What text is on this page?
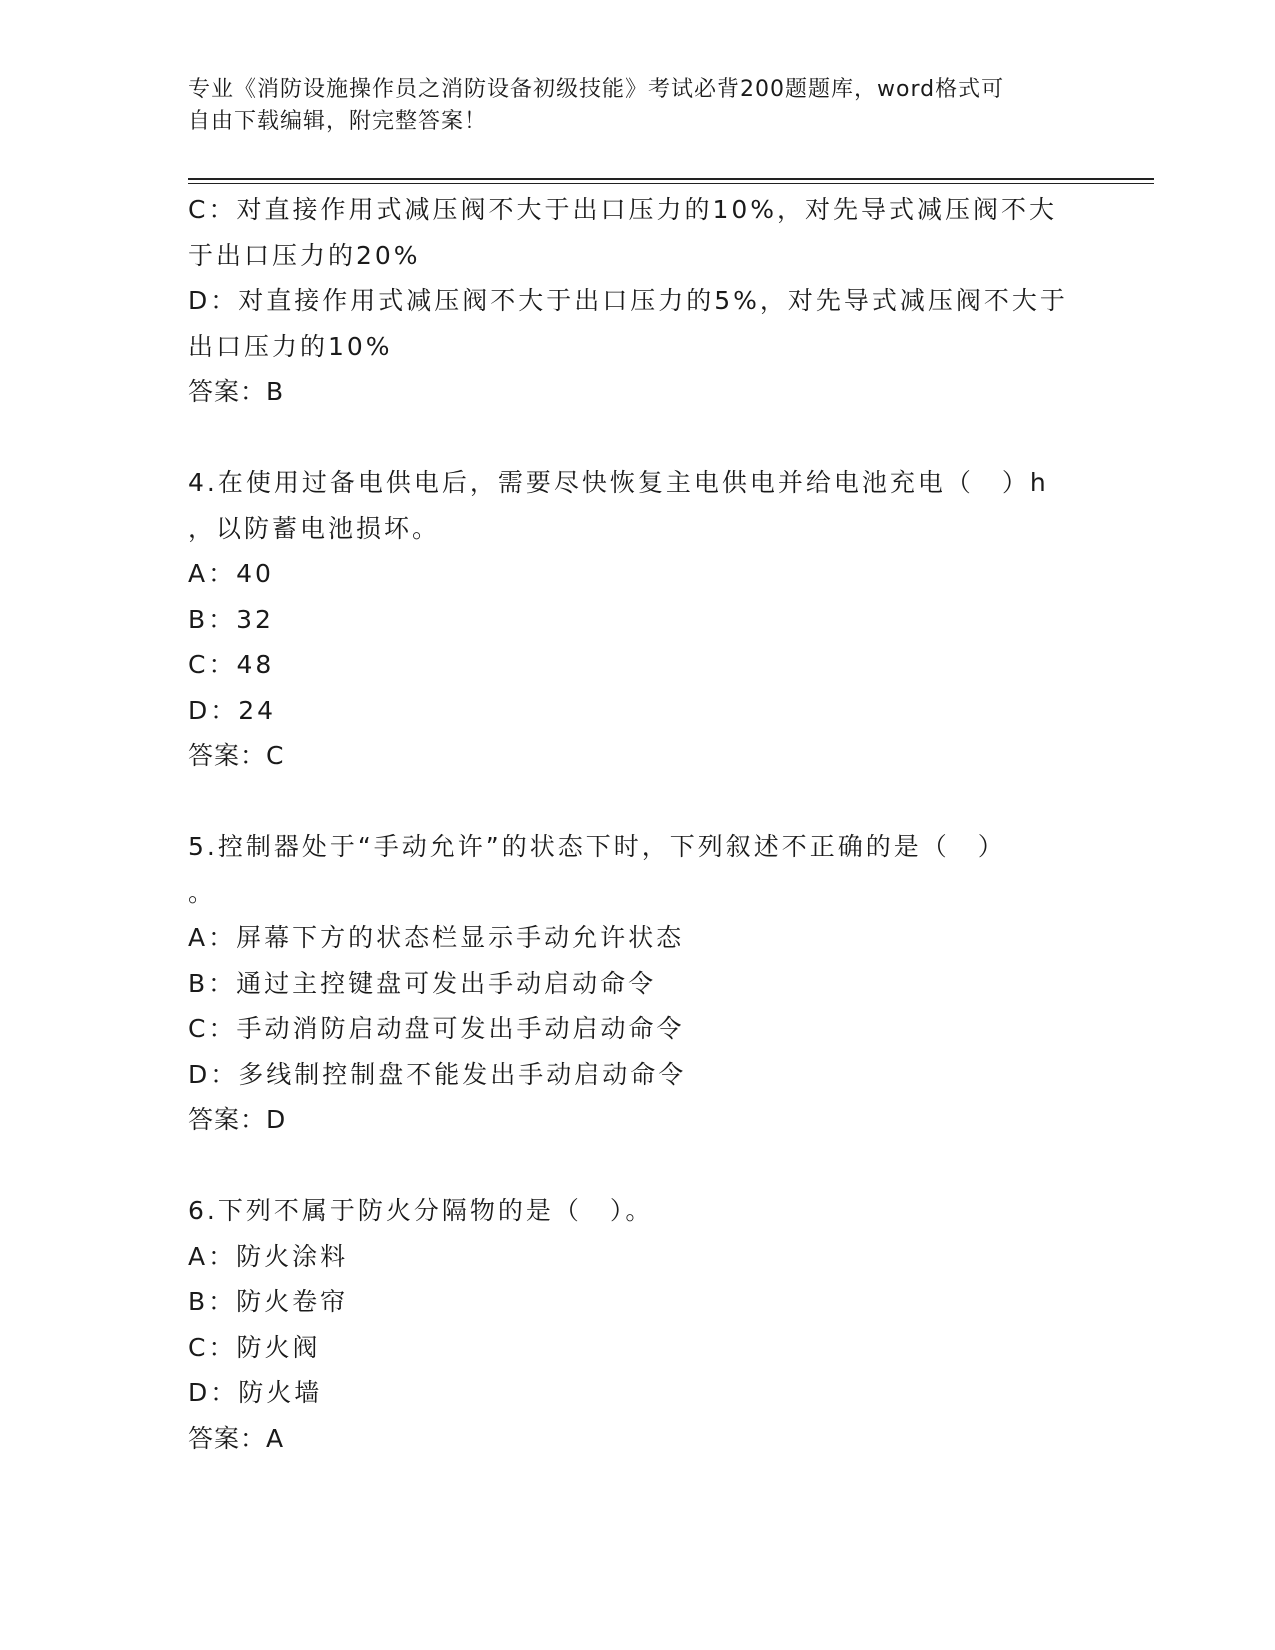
专业《消防设施操作员之消防设备初级技能》考试必背200题题库，word格式可
自由下载编辑，附完整答案！
C：对直接作用式减压阀不大于出口压力的10%，对先导式减压阀不大
于出口压力的20%
D：对直接作用式减压阀不大于出口压力的5%，对先导式减压阀不大于
出口压力的10%
答案：B
4.在使用过备电供电后，需要尽快恢复主电供电并给电池充电（　）h
，以防蓄电池损坏。
A：40
B：32
C：48
D：24
答案：C
5.控制器处于“手动允许”的状态下时，下列叙述不正确的是（　）
。
A：屏幕下方的状态栏显示手动允许状态
B：通过主控键盘可发出手动启动命令
C：手动消防启动盘可发出手动启动命令
D：多线制控制盘不能发出手动启动命令
答案：D
6.下列不属于防火分隔物的是（　）。
A：防火涂料
B：防火卷帘
C：防火阀
D：防火墙
答案：A
